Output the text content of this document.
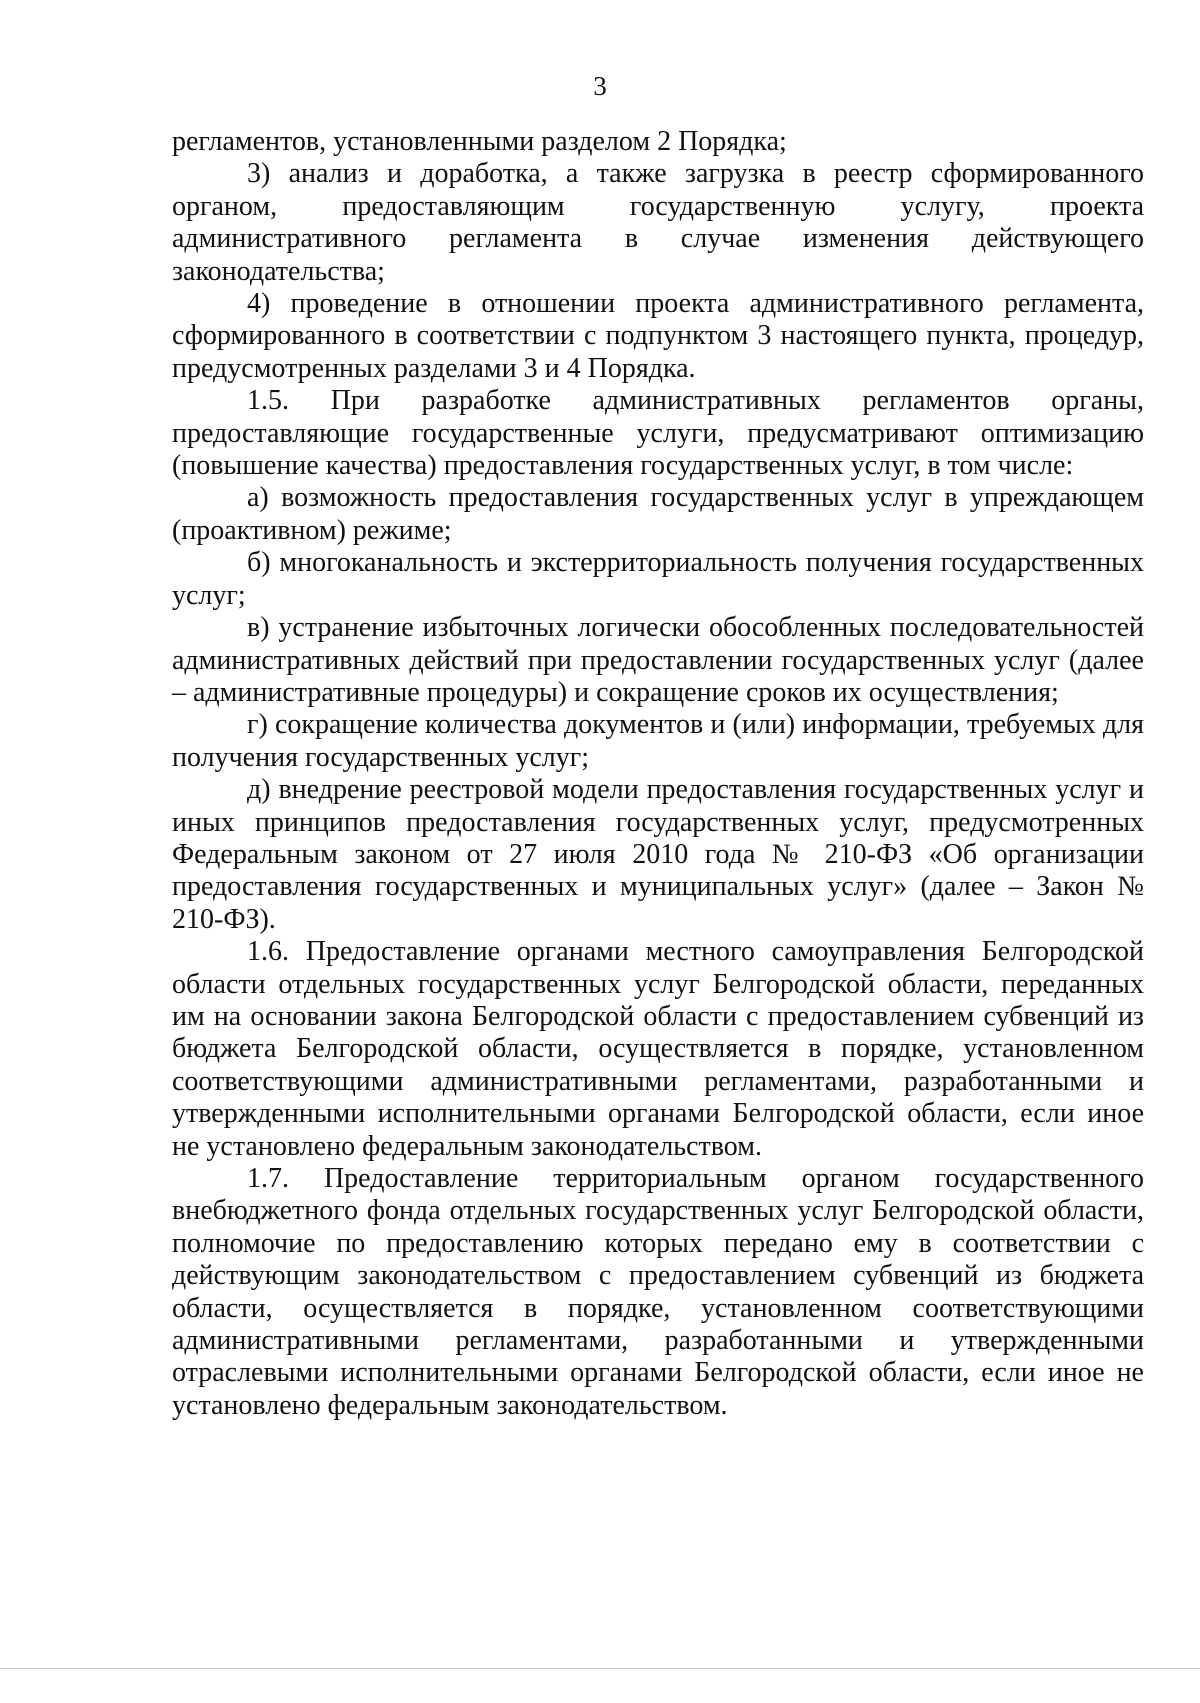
3

регламентов, установленными разделом 2 Порядка;

3) анализ и доработка, а также загрузка в реестр сформированного органом, предоставляющим государственную услугу, проекта административного регламента в случае изменения действующего законодательства;

4) проведение в отношении проекта административного регламента, сформированного в соответствии с подпунктом 3 настоящего пункта, процедур, предусмотренных разделами 3 и 4 Порядка.

1.5. При разработке административных регламентов органы, предоставляющие государственные услуги, предусматривают оптимизацию (повышение качества) предоставления государственных услуг, в том числе:

а) возможность предоставления государственных услуг в упреждающем (проактивном) режиме;

б) многоканальность и экстерриториальность получения государственных услуг;

в) устранение избыточных логически обособленных последовательностей административных действий при предоставлении государственных услуг (далее – административные процедуры) и сокращение сроков их осуществления;

г) сокращение количества документов и (или) информации, требуемых для получения государственных услуг;

д) внедрение реестровой модели предоставления государственных услуг и иных принципов предоставления государственных услуг, предусмотренных Федеральным законом от 27 июля 2010 года № 210-ФЗ «Об организации предоставления государственных и муниципальных услуг» (далее – Закон № 210-ФЗ).

1.6. Предоставление органами местного самоуправления Белгородской области отдельных государственных услуг Белгородской области, переданных им на основании закона Белгородской области с предоставлением субвенций из бюджета Белгородской области, осуществляется в порядке, установленном соответствующими административными регламентами, разработанными и утвержденными исполнительными органами Белгородской области, если иное не установлено федеральным законодательством.

1.7. Предоставление территориальным органом государственного внебюджетного фонда отдельных государственных услуг Белгородской области, полномочие по предоставлению которых передано ему в соответствии с действующим законодательством с предоставлением субвенций из бюджета области, осуществляется в порядке, установленном соответствующими административными регламентами, разработанными и утвержденными отраслевыми исполнительными органами Белгородской области, если иное не установлено федеральным законодательством.
